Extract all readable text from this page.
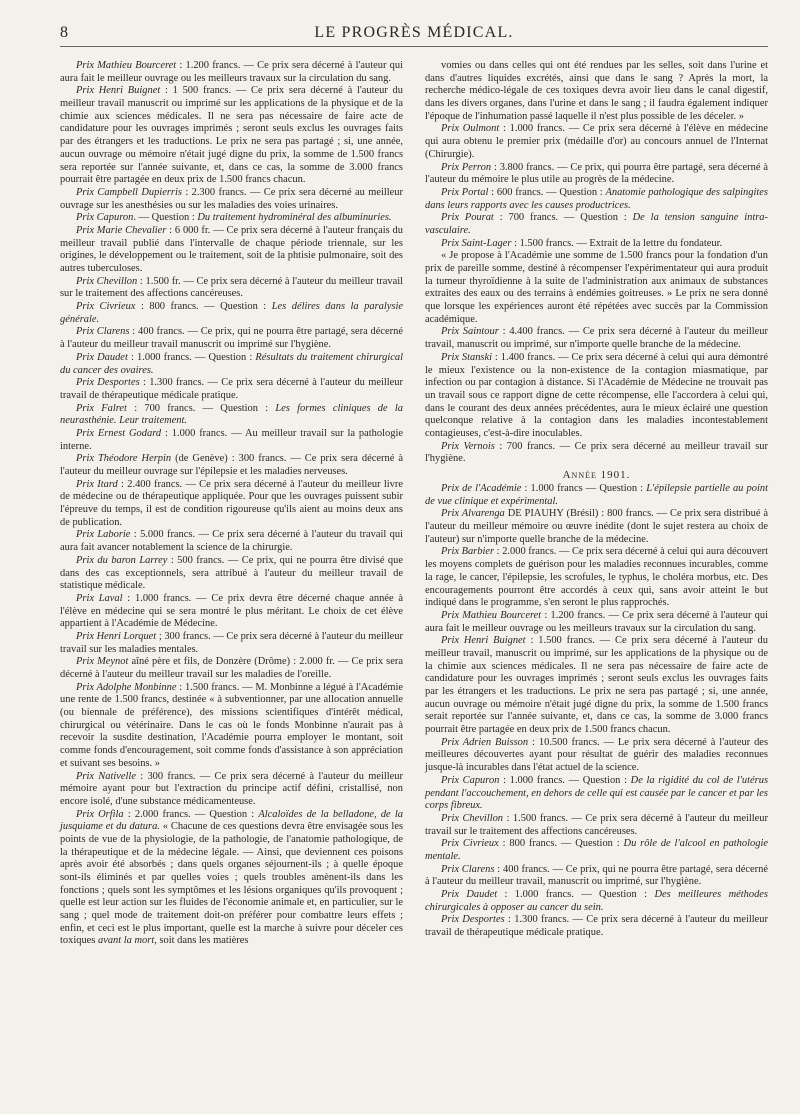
8	LE PROGRÈS MÉDICAL.

Prix Mathieu Bourceret : 1.200 francs. — Ce prix sera décerné à l'auteur qui aura fait le meilleur ouvrage ou les meilleurs travaux sur la circulation du sang.

Prix Henri Buignet : 1 500 francs. — Ce prix sera décerné à l'auteur du meilleur travail manuscrit ou imprimé sur les applications de la physique et de la chimie aux sciences médicales. Il ne sera pas nécessaire de faire acte de candidature pour les ouvrages imprimés ; seront seuls exclus les ouvrages faits par des étrangers et les traductions. Le prix ne sera pas partagé ; si, une année, aucun ouvrage ou mémoire n'était jugé digne du prix, la somme de 1.500 francs sera reportée sur l'année suivante, et, dans ce cas, la somme de 3.000 francs pourrait être partagée en deux prix de 1.500 francs chacun.

Prix Campbell Dupierris : 2.300 francs. — Ce prix sera décerné au meilleur ouvrage sur les anesthésies ou sur les maladies des voies urinaires.

Prix Capuron. — Question : Du traitement hydrominéral des albuminuries.

Prix Marie Chevalier : 6 000 fr. — Ce prix sera décerné à l'auteur français du meilleur travail publié dans l'intervalle de chaque période triennale, sur les origines, le développement ou le traitement, soit de la phtisie pulmonaire, soit des autres tuberculoses.

Prix Chevillon : 1.500 fr. — Ce prix sera décerné à l'auteur du meilleur travail sur le traitement des affections cancéreuses.

Prix Civrieux : 800 francs. — Question : Les délires dans la paralysie générale.

Prix Clarens : 400 francs. — Ce prix, qui ne pourra être partagé, sera décerné à l'auteur du meilleur travail manuscrit ou imprimé sur l'hygiène.

Prix Daudet : 1.000 francs. — Question : Résultats du traitement chirurgical du cancer des ovaires.

Prix Desportes : 1.300 francs. — Ce prix sera décerné à l'auteur du meilleur travail de thérapeutique médicale pratique.

Prix Falret : 700 francs. — Question : Les formes cliniques de la neurasthénie. Leur traitement.

Prix Ernest Godard : 1.000 francs. — Au meilleur travail sur la pathologie interne.

Prix Théodore Herpin (de Genève) : 300 francs. — Ce prix sera décerné à l'auteur du meilleur ouvrage sur l'épilepsie et les maladies nerveuses.

Prix Itard : 2.400 francs. — Ce prix sera décerné à l'auteur du meilleur livre de médecine ou de thérapeutique appliquée. Pour que les ouvrages puissent subir l'épreuve du temps, il est de condition rigoureuse qu'ils aient au moins deux ans de publication.

Prix Laborie : 5.000 francs. — Ce prix sera décerné à l'auteur du travail qui aura fait avancer notablement la science de la chirurgie.

Prix du baron Larrey : 500 francs. — Ce prix, qui ne pourra être divisé que dans des cas exceptionnels, sera attribué à l'auteur du meilleur travail de statistique médicale.

Prix Laval : 1.000 francs. — Ce prix devra être décerné chaque année à l'élève en médecine qui se sera montré le plus méritant. Le choix de cet élève appartient à l'Académie de Médecine.

Prix Henri Lorquet ; 300 francs. — Ce prix sera décerné à l'auteur du meilleur travail sur les maladies mentales.

Prix Meynot aîné père et fils, de Donzère (Drôme) : 2.000 fr. — Ce prix sera décerné à l'auteur du meilleur travail sur les maladies de l'oreille.

Prix Adolphe Monbinne : 1.500 francs. — M. Monbinne a légué à l'Académie une rente de 1.500 francs, destinée « à subventionner, par une allocation annuelle (ou biennale de préférence), des missions scientifiques d'intérêt médical, chirurgical ou vétérinaire. Dans le cas où le fonds Monbinne n'aurait pas à recevoir la susdite destination, l'Académie pourra employer le montant, soit comme fonds d'encouragement, soit comme fonds d'assistance à son appréciation et suivant ses besoins. »

Prix Nativelle : 300 francs. — Ce prix sera décerné à l'auteur du meilleur mémoire ayant pour but l'extraction du principe actif défini, cristallisé, non encore isolé, d'une substance médicamenteuse.

Prix Orfila : 2.000 francs. — Question : Alcaloïdes de la belladone, de la jusquiame et du datura. « Chacune de ces questions devra être envisagée sous les points de vue de la physiologie, de la pathologie, de l'anatomie pathologique, de la thérapeutique et de la médecine légale. — Ainsi, que deviennent ces poisons après avoir été absorbés ; dans quels organes séjournent-ils ; à quelle époque sont-ils éliminés et par quelles voies ; quels troubles amènent-ils dans les fonctions ; quels sont les symptômes et les lésions organiques qu'ils provoquent ; quelle est leur action sur les fluides de l'économie animale et, en particulier, sur le sang ; quel mode de traitement doit-on préférer pour combattre leurs effets ; enfin, et ceci est le plus important, quelle est la marche à suivre pour déceler ces toxiques avant la mort, soit dans les matières

vomies ou dans celles qui ont été rendues par les selles, soit dans l'urine et dans d'autres liquides excrétés, ainsi que dans le sang ? Après la mort, la recherche médico-légale de ces toxiques devra avoir lieu dans le canal digestif, dans les divers organes, dans l'urine et dans le sang ; il faudra également indiquer l'époque de l'inhumation passé laquelle il n'est plus possible de les déceler. »

Prix Oulmont : 1.000 francs. — Ce prix sera décerné à l'élève en médecine qui aura obtenu le premier prix (médaille d'or) au concours annuel de l'Internat (Chirurgie).

Prix Perron : 3.800 francs. — Ce prix, qui pourra être partagé, sera décerné à l'auteur du mémoire le plus utile au progrès de la médecine.

Prix Portal : 600 francs. — Question : Anatomie pathologique des salpingites dans leurs rapports avec les causes productrices.

Prix Pourat : 700 francs. — Question : De la tension sanguine intra-vasculaire.

Prix Saint-Lager : 1.500 francs. — Extrait de la lettre du fondateur.

« Je propose à l'Académie une somme de 1.500 francs pour la fondation d'un prix de pareille somme, destiné à récompenser l'expérimentateur qui aura produit la tumeur thyroïdienne à la suite de l'administration aux animaux de substances extraites des eaux ou des terrains à endémies goitreuses. » Le prix ne sera donné que lorsque les expériences auront été répétées avec succès par la Commission académique.

Prix Saintour : 4.400 francs. — Ce prix sera décerné à l'auteur du meilleur travail, manuscrit ou imprimé, sur n'importe quelle branche de la médecine.

Prix Stanski : 1.400 francs. — Ce prix sera décerné à celui qui aura démontré le mieux l'existence ou la non-existence de la contagion miasmatique, par infection ou par contagion à distance. Si l'Académie de Médecine ne trouvait pas un travail sous ce rapport digne de cette récompense, elle l'accordera à celui qui, dans le courant des deux années précédentes, aura le mieux éclairé une question quelconque relative à la contagion dans les maladies incontestablement contagieuses, c'est-à-dire inoculables.

Prix Vernois : 700 francs. — Ce prix sera décerné au meilleur travail sur l'hygiène.

Année 1901.

Prix de l'Académie : 1.000 francs — Question : L'épilepsie partielle au point de vue clinique et expérimental.

Prix Alvarenga DE PIAUHY (Brésil) : 800 francs. — Ce prix sera distribué à l'auteur du meilleur mémoire ou œuvre inédite (dont le sujet restera au choix de l'auteur) sur n'importe quelle branche de la médecine.

Prix Barbier : 2.000 francs. — Ce prix sera décerné à celui qui aura découvert les moyens complets de guérison pour les maladies reconnues incurables, comme la rage, le cancer, l'épilepsie, les scrofules, le typhus, le choléra morbus, etc. Des encouragements pourront être accordés à ceux qui, sans avoir atteint le but indiqué dans le programme, s'en seront le plus rapprochés.

Prix Mathieu Bourceret : 1.200 francs. — Ce prix sera décerné à l'auteur qui aura fait le meilleur ouvrage ou les meilleurs travaux sur la circulation du sang.

Prix Henri Buignet : 1.500 francs. — Ce prix sera décerné à l'auteur du meilleur travail, manuscrit ou imprimé, sur les applications de la physique ou de la chimie aux sciences médicales. Il ne sera pas nécessaire de faire acte de candidature pour les ouvrages imprimés ; seront seuls exclus les ouvrages faits par les étrangers et les traductions. Le prix ne sera pas partagé ; si, une année, aucun ouvrage ou mémoire n'était jugé digne du prix, la somme de 1.500 francs serait reportée sur l'année suivante, et, dans ce cas, la somme de 3.000 francs pourrait être partagée en deux prix de 1.500 francs chacun.

Prix Adrien Buisson : 10.500 francs. — Le prix sera décerné à l'auteur des meilleures découvertes ayant pour résultat de guérir des maladies reconnues jusque-là incurables dans l'état actuel de la science.

Prix Capuron : 1.000 francs. — Question : De la rigidité du col de l'utérus pendant l'accouchement, en dehors de celle qui est causée par le cancer et par les corps fibreux.

Prix Chevillon : 1.500 francs. — Ce prix sera décerné à l'auteur du meilleur travail sur le traitement des affections cancéreuses.

Prix Civrieux : 800 francs. — Question : Du rôle de l'alcool en pathologie mentale.

Prix Clarens : 400 francs. — Ce prix, qui ne pourra être partagé, sera décerné à l'auteur du meilleur travail, manuscrit ou imprimé, sur l'hygiène.

Prix Daudet : 1.000 francs. — Question : Des meilleures méthodes chirurgicales à opposer au cancer du sein.

Prix Desportes : 1.300 francs. — Ce prix sera décerné à l'auteur du meilleur travail de thérapeutique médicale pratique.
